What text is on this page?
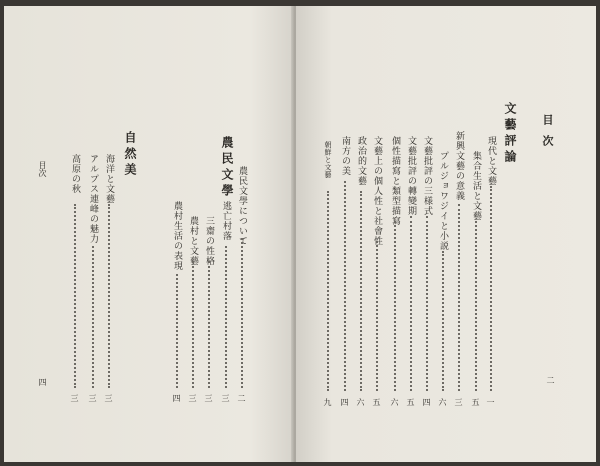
農民文學 農民文學について
二
逃亡村落
三
三齋の性格
三
農村と文藝
三
農村生活の表現
四
自然美
海洋と文藝
三
アルプス連峰の魅力
三
高原の秋
三
目次
四
目 次
二
文藝評論
現代と文藝
一
集合生活と文藝
五
新興文藝の意義
三
プルジョワジイと小説
六
文藝批評の三様式
四
文藝批評の轉變期
五
個性描寫と類型描寫
六
文藝上の個人性と社會性
五
政治的文藝
六
南方の美
四
朝鮮と文藝
九
